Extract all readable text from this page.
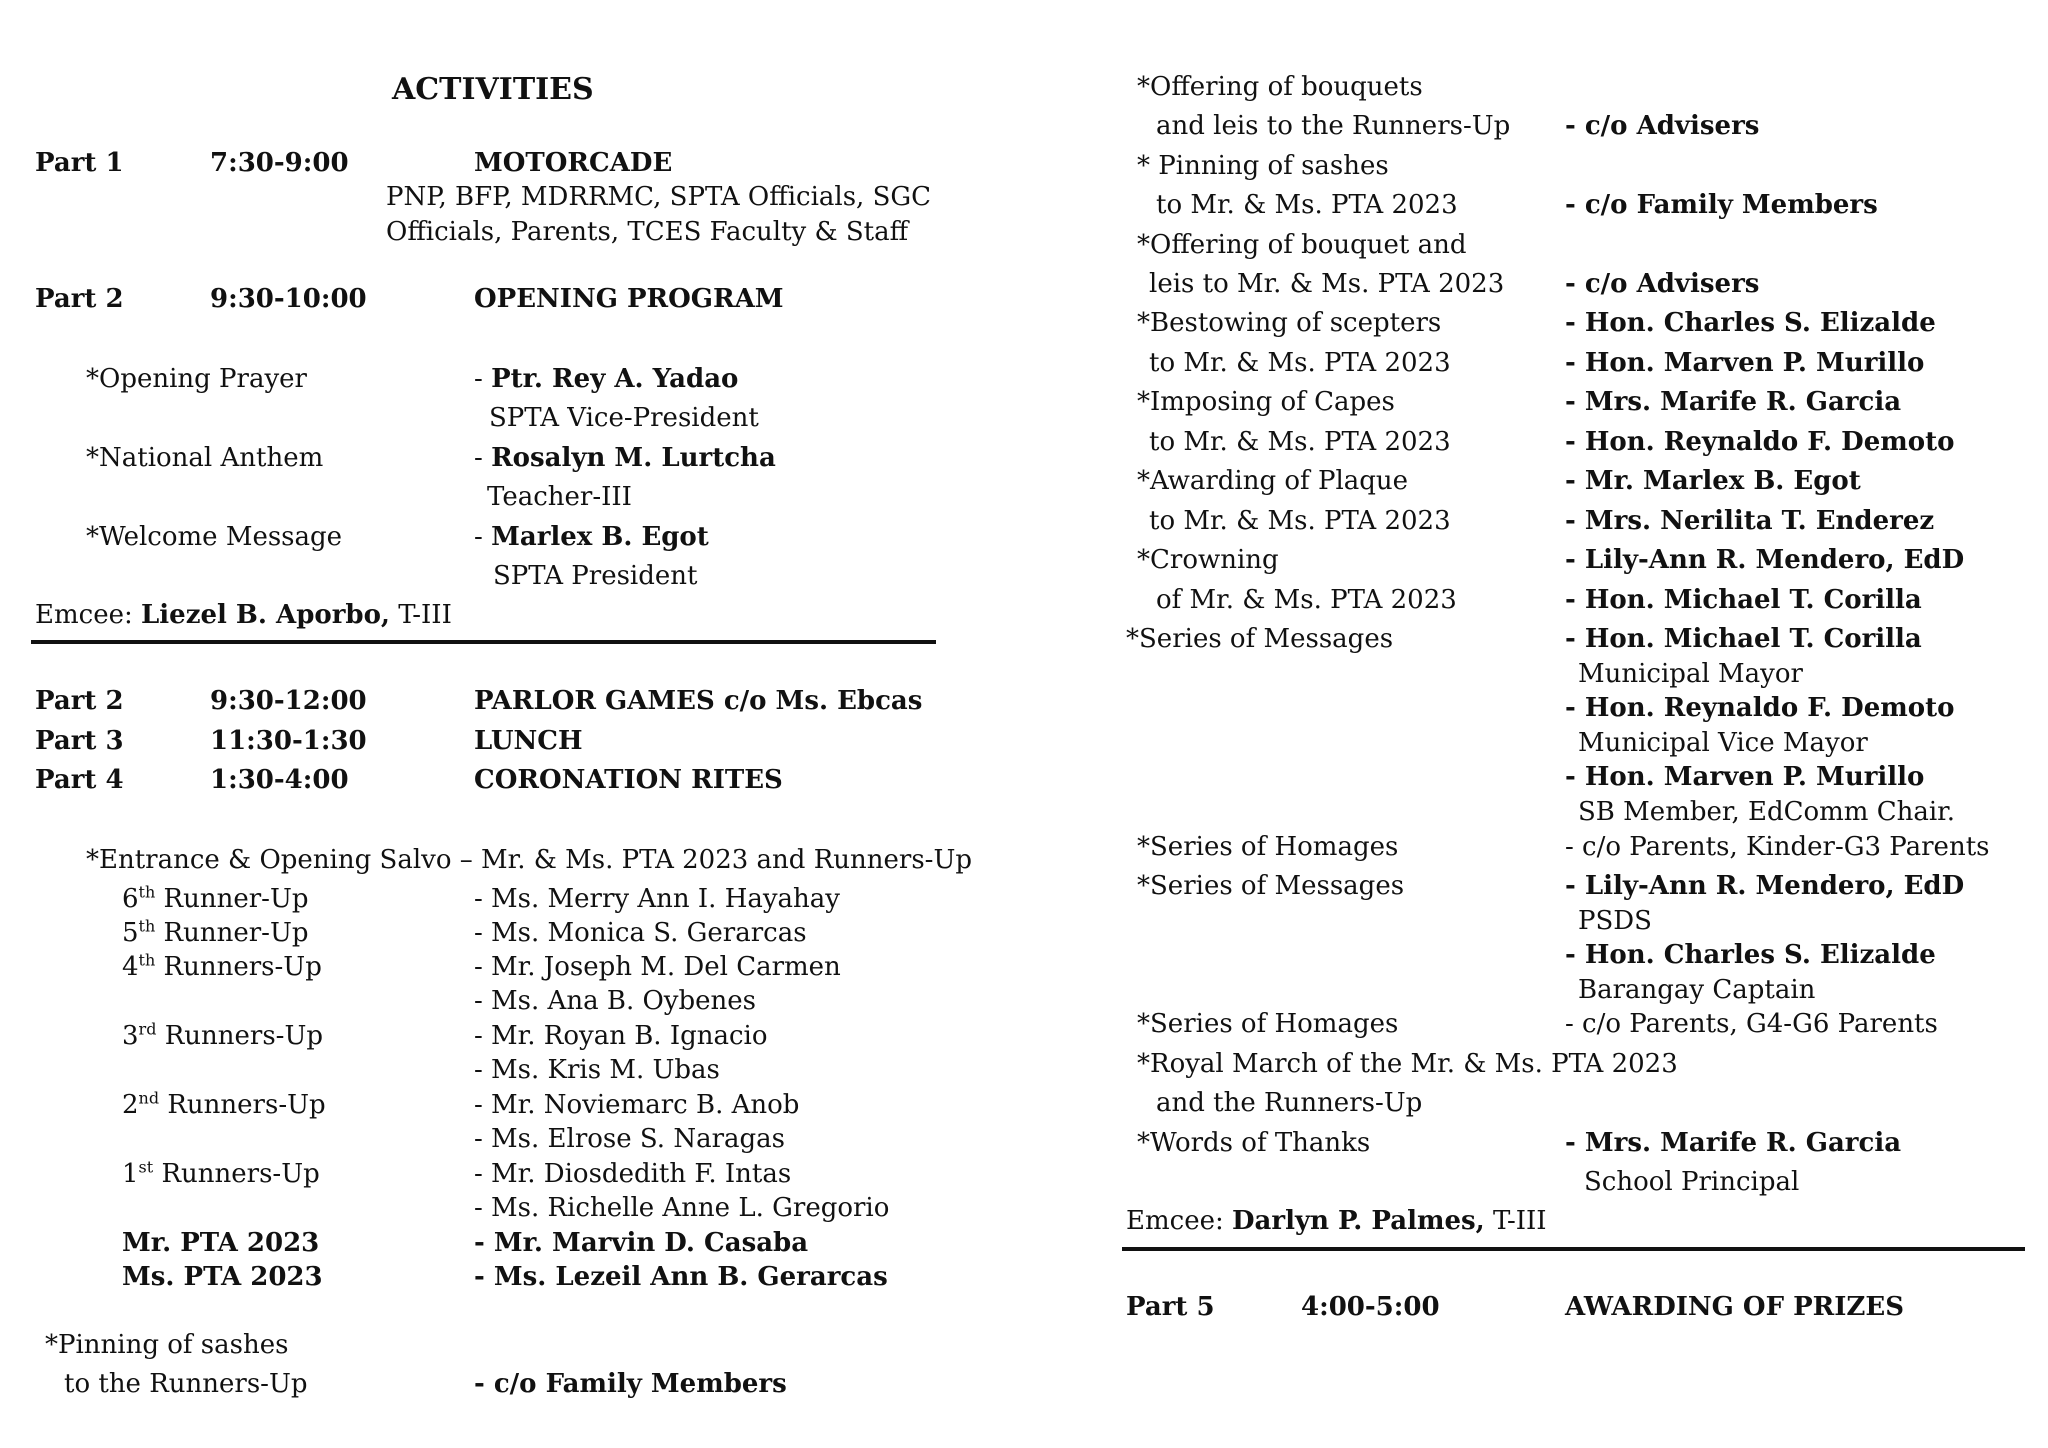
ACTIVITIES
Part 1	7:30-9:00	MOTORCADE
PNP, BFP, MDRRMC, SPTA Officials, SGC
Officials, Parents, TCES Faculty & Staff
Part 2	9:30-10:00	OPENING PROGRAM
*Opening Prayer	- Ptr. Rey A. Yadao
SPTA Vice-President
*National Anthem	- Rosalyn M. Lurtcha
Teacher-III
*Welcome Message	- Marlex B. Egot
SPTA President
Emcee: Liezel B. Aporbo, T-III
Part 2	9:30-12:00	PARLOR GAMES c/o Ms. Ebcas
Part 3	11:30-1:30	LUNCH
Part 4	1:30-4:00	CORONATION RITES
*Entrance & Opening Salvo – Mr. & Ms. PTA 2023 and Runners-Up
6th Runner-Up	- Ms. Merry Ann I. Hayahay
5th Runner-Up	- Ms. Monica S. Gerarcas
4th Runners-Up	- Mr. Joseph M. Del Carmen
- Ms. Ana B. Oybenes
3rd Runners-Up	- Mr. Royan B. Ignacio
- Ms. Kris M. Ubas
2nd Runners-Up	- Mr. Noviemarc B. Anob
- Ms. Elrose S. Naragas
1st Runners-Up	- Mr. Diosdedith F. Intas
- Ms. Richelle Anne L. Gregorio
Mr. PTA 2023	- Mr. Marvin D. Casaba
Ms. PTA 2023	- Ms. Lezeil Ann B. Gerarcas
*Pinning of sashes
to the Runners-Up	- c/o Family Members
*Offering of bouquets
and leis to the Runners-Up - c/o Advisers
* Pinning of sashes
to Mr. & Ms. PTA 2023	- c/o Family Members
*Offering of bouquet and
leis to Mr. & Ms. PTA 2023 - c/o Advisers
*Bestowing of scepters	- Hon. Charles S. Elizalde
to Mr. & Ms. PTA 2023	- Hon. Marven P. Murillo
*Imposing of Capes	- Mrs. Marife R. Garcia
to Mr. & Ms. PTA 2023	- Hon. Reynaldo F. Demoto
*Awarding of Plaque	- Mr. Marlex B. Egot
to Mr. & Ms. PTA 2023	- Mrs. Nerilita T. Enderez
*Crowning	- Lily-Ann R. Mendero, EdD
of Mr. & Ms. PTA 2023	- Hon. Michael T. Corilla
*Series of Messages	- Hon. Michael T. Corilla
Municipal Mayor
- Hon. Reynaldo F. Demoto
Municipal Vice Mayor
- Hon. Marven P. Murillo
SB Member, EdComm Chair.
*Series of Homages	- c/o Parents, Kinder-G3 Parents
*Series of Messages	- Lily-Ann R. Mendero, EdD
PSDS
- Hon. Charles S. Elizalde
Barangay Captain
*Series of Homages	- c/o Parents, G4-G6 Parents
*Royal March of the Mr. & Ms. PTA 2023
and the Runners-Up
*Words of Thanks	- Mrs. Marife R. Garcia
School Principal
Emcee: Darlyn P. Palmes, T-III
Part 5	4:00-5:00	AWARDING OF PRIZES
